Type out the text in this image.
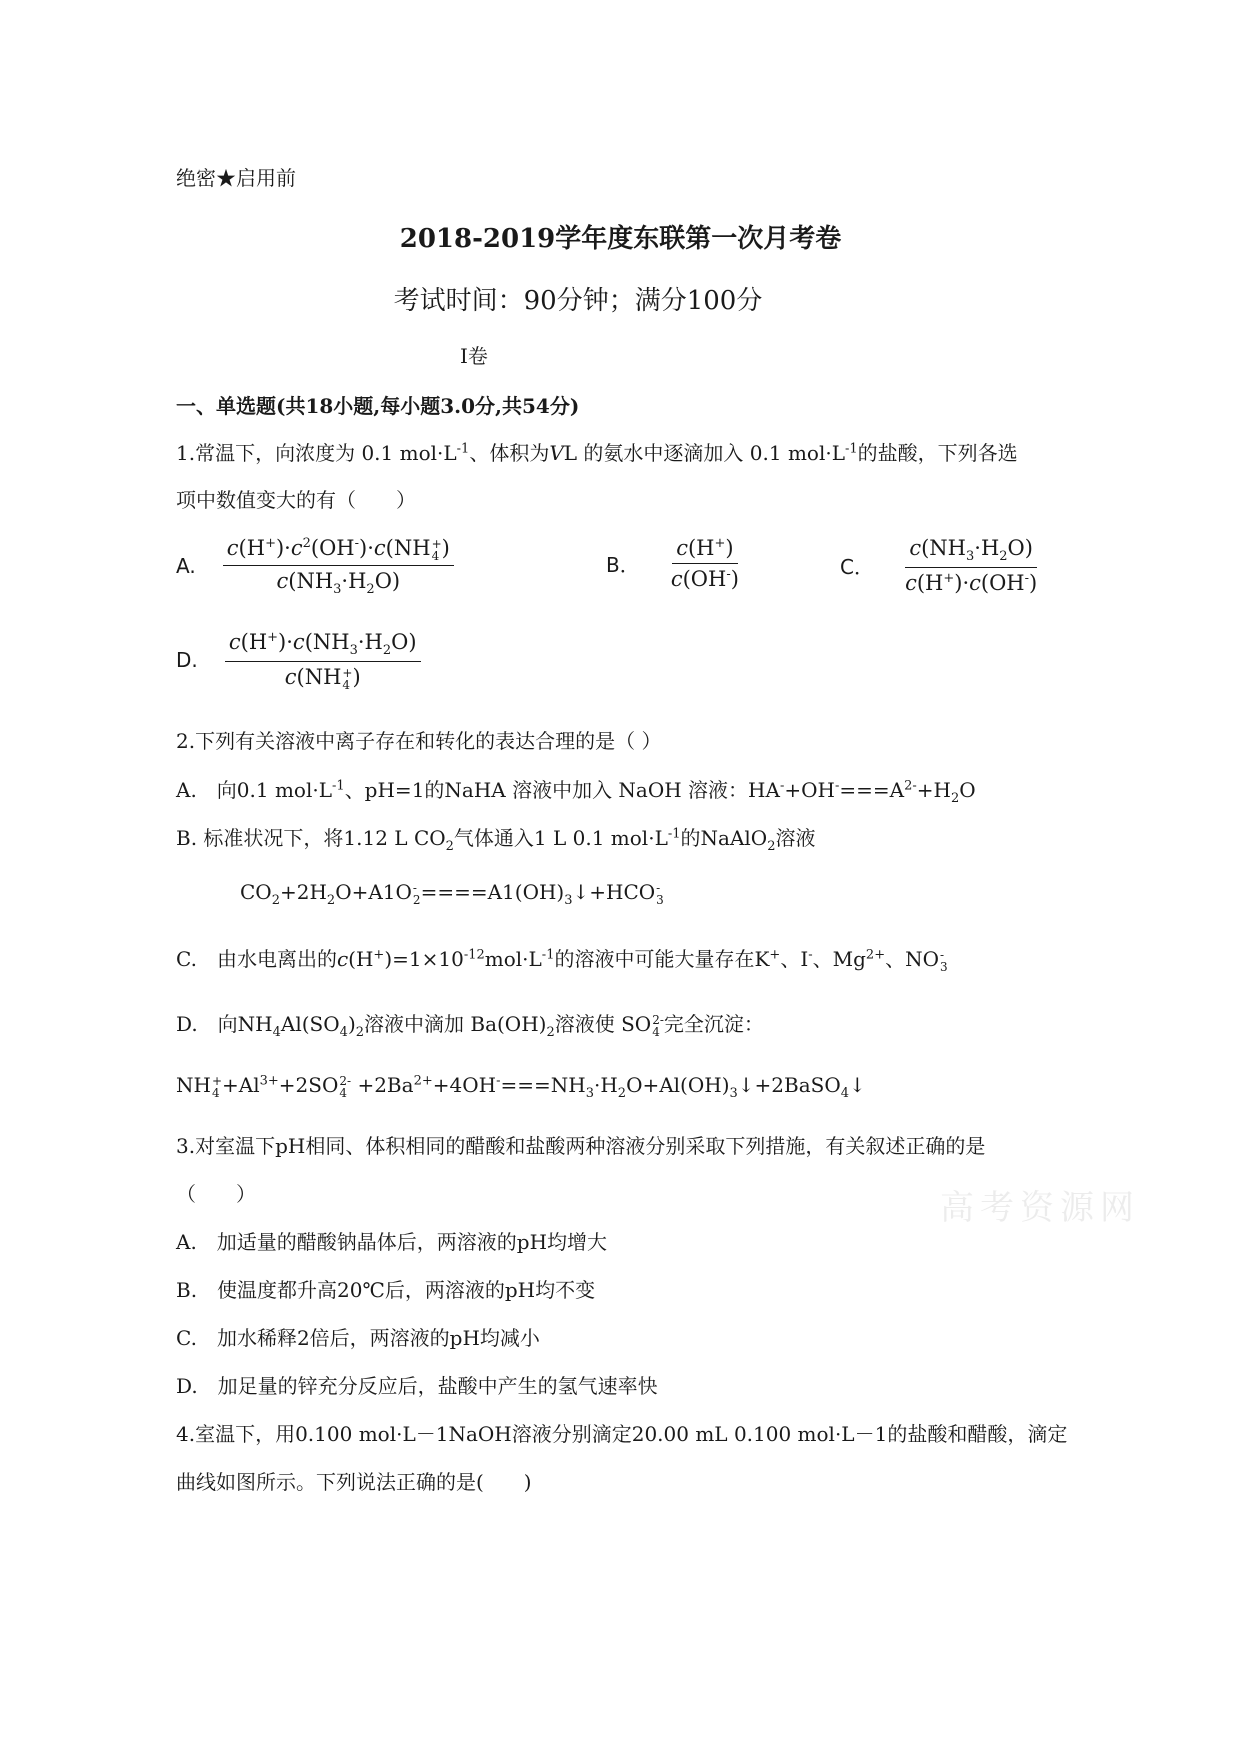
绝密★启用前
2018-2019学年度东联第一次月考卷
考试时间：90分钟；满分100分
I卷
一、单选题(共18小题,每小题3.0分,共54分)
1.常温下，向浓度为 0.1 $mol\cdot L^{-1}$、体积为VL 的氨水中逐滴加入 0.1 $mol\cdot L^{-1}$的盐酸，下列各选
项中数值变大的有（　　）
A. $c(H^+)\cdot c^2(OH^-)\cdot c(NH$ +
4 )
$c(NH_3\cdot H_2O)$	B． $\frac{c(H^+)}{c(OH^-)}$	C． $\frac{c(NH_3\cdot H_2O)}{c(H^+)\cdot c(OH^-)}$
D. $c(H^+)\cdot c(NH_3\cdot H_2O)$
c(NH +
4 )
2.下列有关溶液中离子存在和转化的表达合理的是（ ）
A.　向0.1 $mol\cdot L^{-1}$、pH=1的NaHA 溶液中加入 NaOH 溶液：$HA^-+OH^-===A^{2-}+H_2O$
B. 标准状况下，将1.12 L $CO_2$气体通入1 L 0.1 $mol\cdot L^{-1}$的NaAlO$_2$溶液
$CO_2+2H_2O+A1O$ -
$2 ====A1(OH)_3↓+HCO$ -
3
C.　由水电离出的$c(H^+)=1\times 10^{-12}mol\cdot L^{-1}$的溶液中可能大量存在K+、I-、$Mg^{2+}$、NO -
3
D.　向$NH_4Al(SO_4)_2$溶液中滴加 $Ba(OH)_2$溶液使 SO 2-
4 完全沉淀：
NH +
$4 +Al^{3+}+2SO$ 2-
$4 +2Ba^{2+}+4OH^-===NH_3\cdot H_2O+Al(OH)_3↓+2BaSO_4↓$
3.对室温下pH相同、体积相同的醋酸和盐酸两种溶液分别采取下列措施，有关叙述正确的是
（　　）	高考资源网
A.　加适量的醋酸钠晶体后，两溶液的pH均增大
B.　使温度都升高20℃后，两溶液的pH均不变
C.　加水稀释2倍后，两溶液的pH均减小
D.　加足量的锌充分反应后，盐酸中产生的氢气速率快
4.室温下，用0.100 mol·L－1NaOH溶液分别滴定20.00 mL 0.100 mol·L－1的盐酸和醋酸，滴定
曲线如图所示。下列说法正确的是(　　)
